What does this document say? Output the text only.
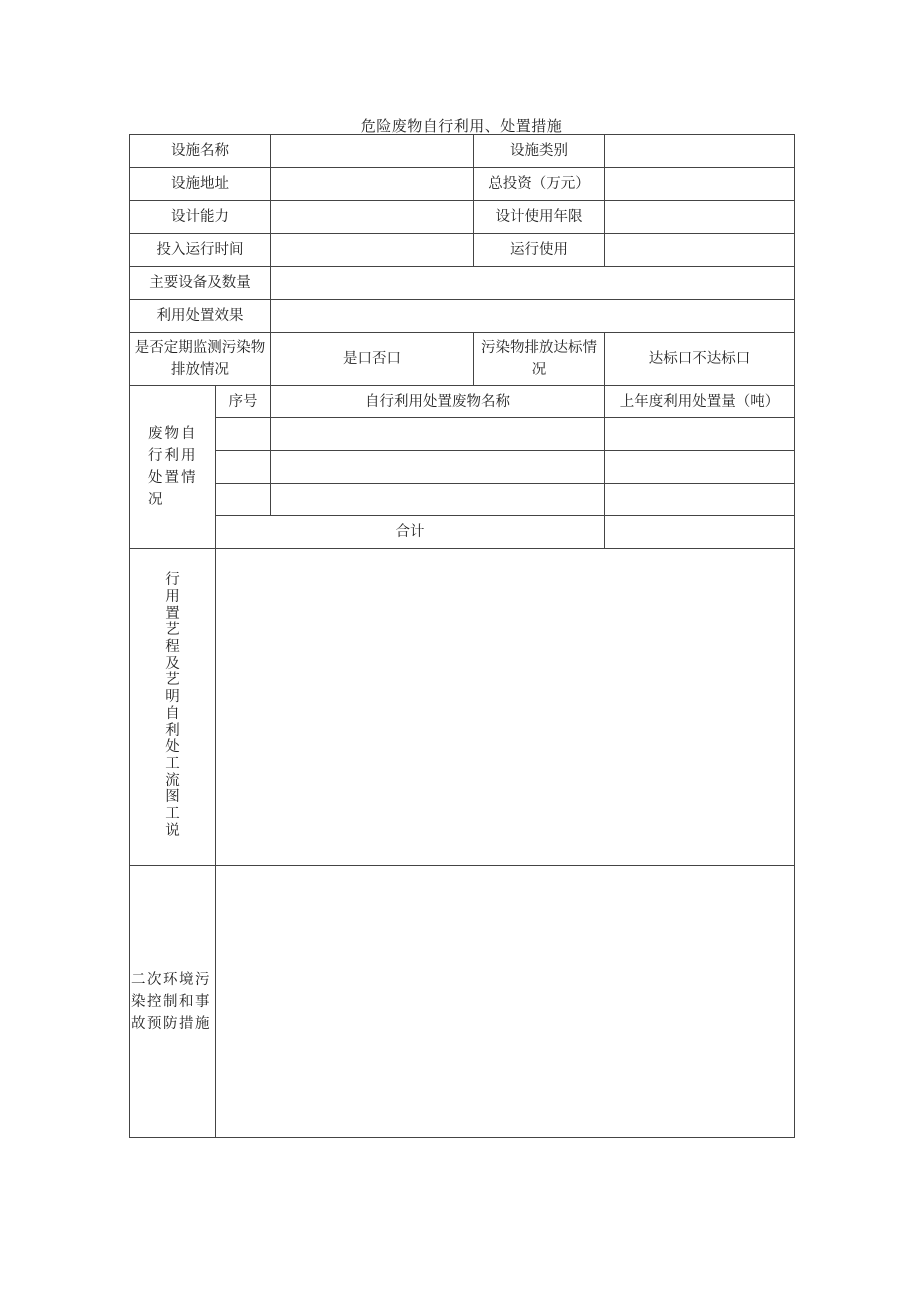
危险废物自行利用、处置措施
设施名称			设施类别	
设施地址			总投资（万元）	
设计能力			设计使用年限	
投入运行时间			运行使用	
主要设备及数量				
利用处置效果				

是否定期监测污染物排放情况		是口否口	污染物排放达标情况	达标口不达标口

废物自行利用处置情况	序号	自行利用处置废物名称		上年度利用处置量（吨）

	合计			
行用置艺程及艺明自利处工流图工说				

二次环境污染控制和事故预防措施				
